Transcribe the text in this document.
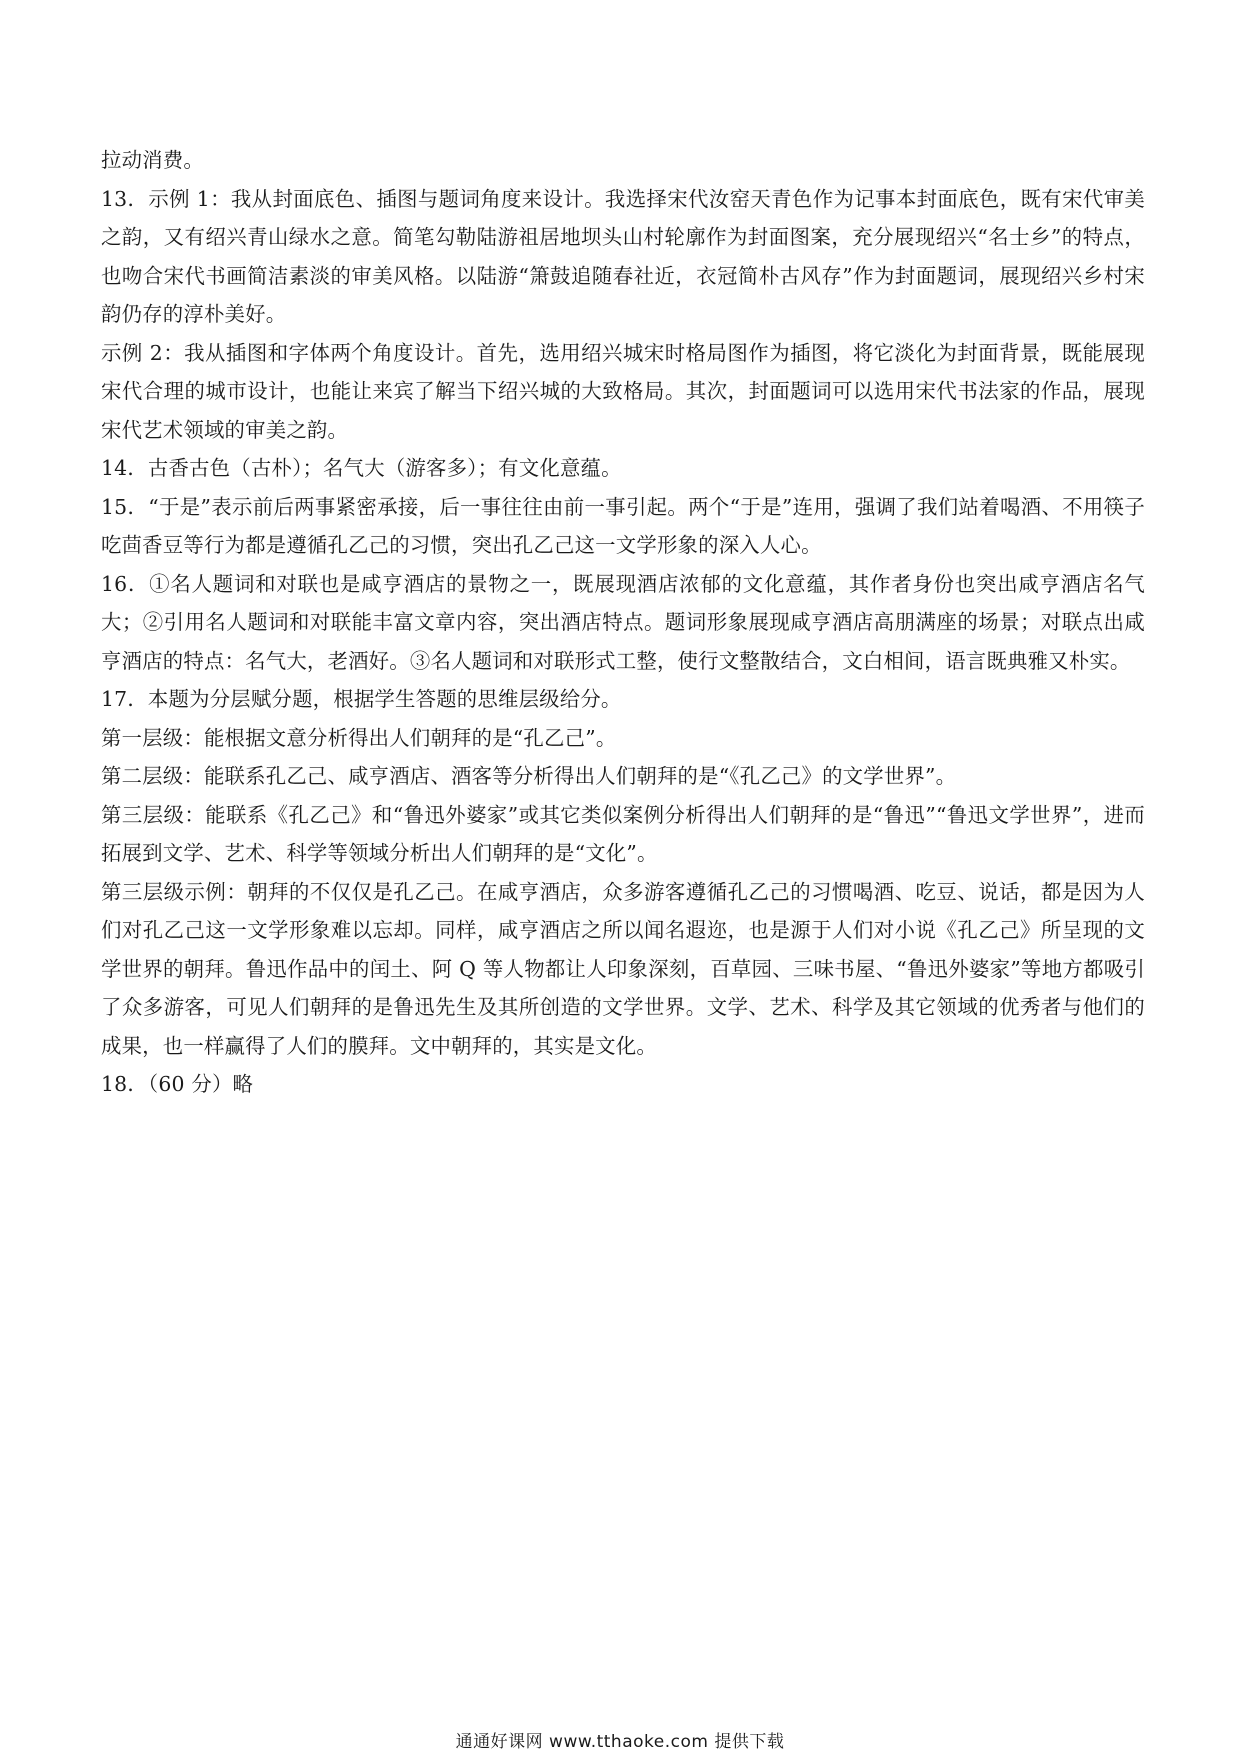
拉动消费。

13．示例 1：我从封面底色、插图与题词角度来设计。我选择宋代汝窑天青色作为记事本封面底色，既有宋代审美之韵，又有绍兴青山绿水之意。简笔勾勒陆游祖居地坝头山村轮廓作为封面图案，充分展现绍兴“名士乡”的特点，也吻合宋代书画简洁素淡的审美风格。以陆游“箫鼓追随春社近，衣冠简朴古风存”作为封面题词，展现绍兴乡村宋韵仍存的淳朴美好。

示例 2：我从插图和字体两个角度设计。首先，选用绍兴城宋时格局图作为插图，将它淡化为封面背景，既能展现宋代合理的城市设计，也能让来宾了解当下绍兴城的大致格局。其次，封面题词可以选用宋代书法家的作品，展现宋代艺术领域的审美之韵。

14．古香古色（古朴）；名气大（游客多）；有文化意蕴。

15．“于是”表示前后两事紧密承接，后一事往往由前一事引起。两个“于是”连用，强调了我们站着喝酒、不用筷子吃茴香豆等行为都是遵循孔乙己的习惯，突出孔乙己这一文学形象的深入人心。

16．①名人题词和对联也是咸亨酒店的景物之一，既展现酒店浓郁的文化意蕴，其作者身份也突出咸亨酒店名气大；②引用名人题词和对联能丰富文章内容，突出酒店特点。题词形象展现咸亨酒店高朋满座的场景；对联点出咸亨酒店的特点：名气大，老酒好。③名人题词和对联形式工整，使行文整散结合，文白相间，语言既典雅又朴实。

17．本题为分层赋分题，根据学生答题的思维层级给分。

第一层级：能根据文意分析得出人们朝拜的是“孔乙己”。

第二层级：能联系孔乙己、咸亨酒店、酒客等分析得出人们朝拜的是“《孔乙己》的文学世界”。

第三层级：能联系《孔乙己》和“鲁迅外婆家”或其它类似案例分析得出人们朝拜的是“鲁迅”“鲁迅文学世界”，进而拓展到文学、艺术、科学等领域分析出人们朝拜的是“文化”。

第三层级示例：朝拜的不仅仅是孔乙己。在咸亨酒店，众多游客遵循孔乙己的习惯喝酒、吃豆、说话，都是因为人们对孔乙己这一文学形象难以忘却。同样，咸亨酒店之所以闻名遐迩，也是源于人们对小说《孔乙己》所呈现的文学世界的朝拜。鲁迅作品中的闰土、阿 Q 等人物都让人印象深刻，百草园、三味书屋、“鲁迅外婆家”等地方都吸引了众多游客，可见人们朝拜的是鲁迅先生及其所创造的文学世界。文学、艺术、科学及其它领域的优秀者与他们的成果，也一样赢得了人们的膜拜。文中朝拜的，其实是文化。

18．（60 分）略

通通好课网 www.tthaoke.com 提供下载
